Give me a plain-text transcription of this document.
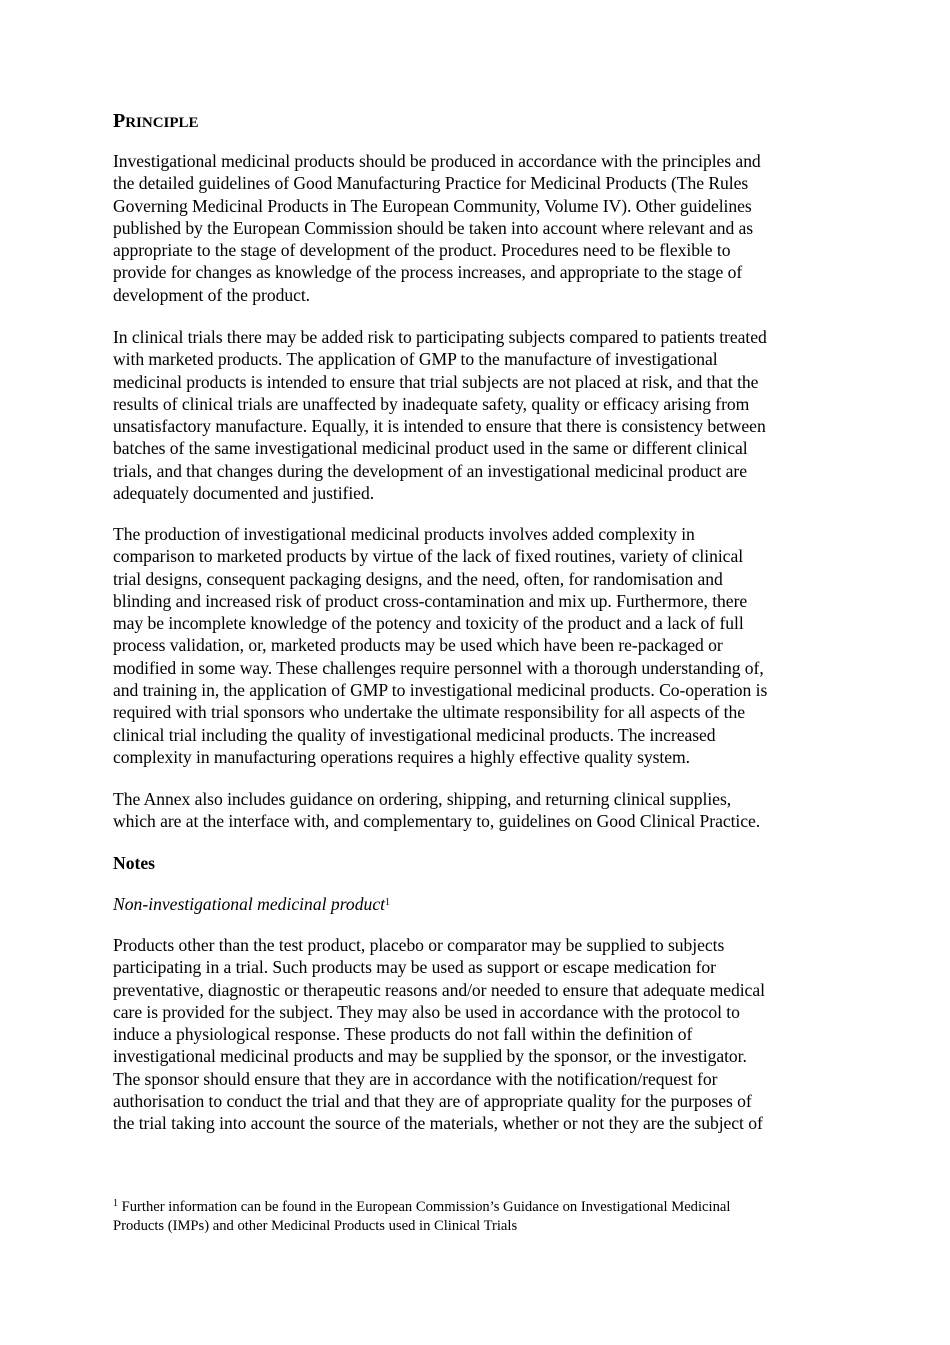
PRINCIPLE
Investigational medicinal products should be produced in accordance with the principles and
the detailed guidelines of Good Manufacturing Practice for Medicinal Products (The Rules
Governing Medicinal Products in The European Community, Volume IV). Other guidelines
published by the European Commission should be taken into account where relevant and as
appropriate to the stage of development of the product. Procedures need to be flexible to
provide for changes as knowledge of the process increases, and appropriate to the stage of
development of the product.
In clinical trials there may be added risk to participating subjects compared to patients treated
with marketed products. The application of GMP to the manufacture of investigational
medicinal products is intended to ensure that trial subjects are not placed at risk, and that the
results of clinical trials are unaffected by inadequate safety, quality or efficacy arising from
unsatisfactory manufacture. Equally, it is intended to ensure that there is consistency between
batches of the same investigational medicinal product used in the same or different clinical
trials, and that changes during the development of an investigational medicinal product are
adequately documented and justified.
The production of investigational medicinal products involves added complexity in
comparison to marketed products by virtue of the lack of fixed routines, variety of clinical
trial designs, consequent packaging designs, and the need, often, for randomisation and
blinding and increased risk of product cross-contamination and mix up. Furthermore, there
may be incomplete knowledge of the potency and toxicity of the product and a lack of full
process validation, or, marketed products may be used which have been re-packaged or
modified in some way. These challenges require personnel with a thorough understanding of,
and training in, the application of GMP to investigational medicinal products. Co-operation is
required with trial sponsors who undertake the ultimate responsibility for all aspects of the
clinical trial including the quality of investigational medicinal products. The increased
complexity in manufacturing operations requires a highly effective quality system.
The Annex also includes guidance on ordering, shipping, and returning clinical supplies,
which are at the interface with, and complementary to, guidelines on Good Clinical Practice.
Notes
Non-investigational medicinal product$^1$
Products other than the test product, placebo or comparator may be supplied to subjects
participating in a trial. Such products may be used as support or escape medication for
preventative, diagnostic or therapeutic reasons and/or needed to ensure that adequate medical
care is provided for the subject. They may also be used in accordance with the protocol to
induce a physiological response. These products do not fall within the definition of
investigational medicinal products and may be supplied by the sponsor, or the investigator.
The sponsor should ensure that they are in accordance with the notification/request for
authorisation to conduct the trial and that they are of appropriate quality for the purposes of
the trial taking into account the source of the materials, whether or not they are the subject of
$^1$ Further information can be found in the European Commission’s Guidance on Investigational Medicinal
Products (IMPs) and other Medicinal Products used in Clinical Trials
